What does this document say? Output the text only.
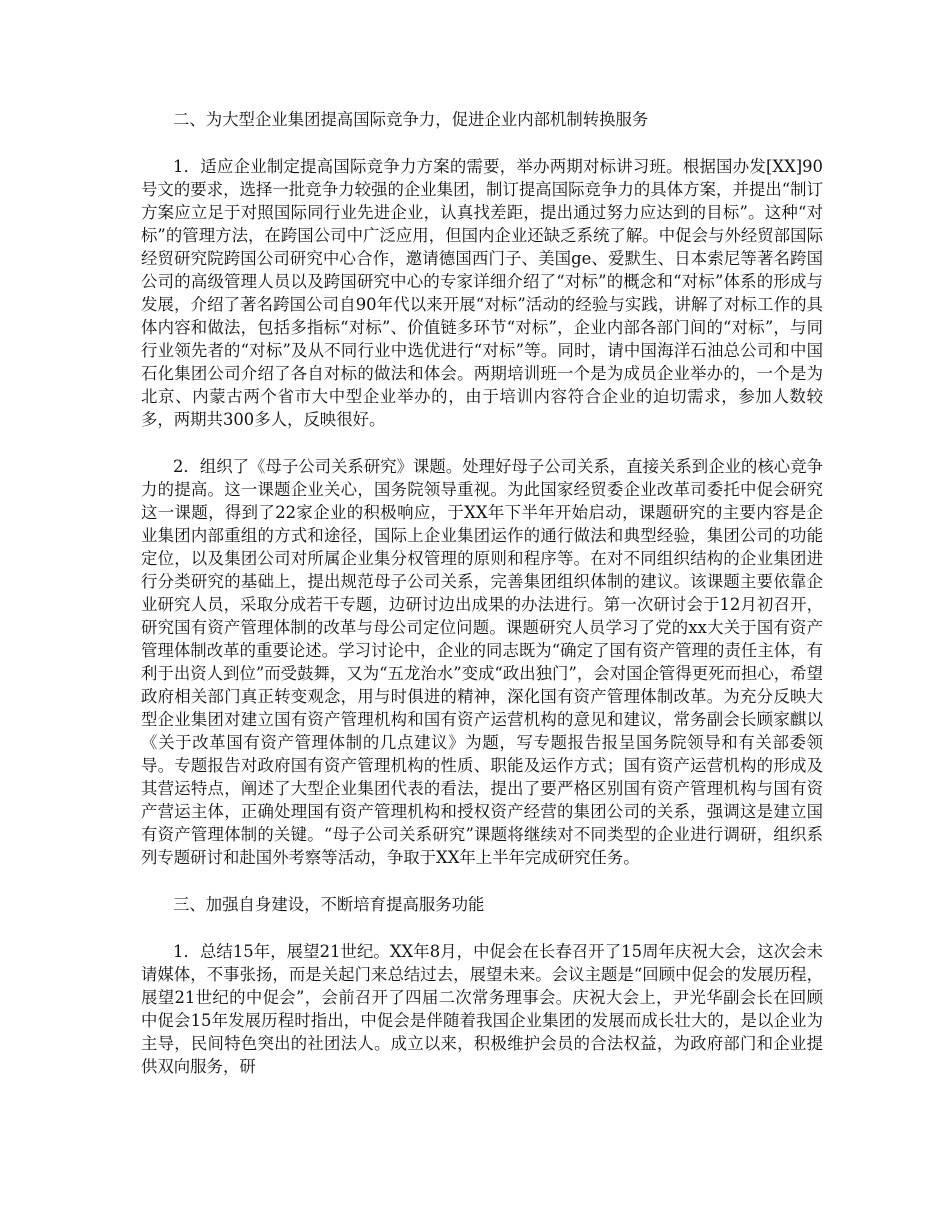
二、为大型企业集团提高国际竞争力，促进企业内部机制转换服务

1．适应企业制定提高国际竞争力方案的需要，举办两期对标讲习班。根据国办发[XX]90号文的要求，选择一批竞争力较强的企业集团，制订提高国际竞争力的具体方案，并提出“制订方案应立足于对照国际同行业先进企业，认真找差距，提出通过努力应达到的目标”。这种“对标”的管理方法，在跨国公司中广泛应用，但国内企业还缺乏系统了解。中促会与外经贸部国际经贸研究院跨国公司研究中心合作，邀请德国西门子、美国ge、爱默生、日本索尼等著名跨国公司的高级管理人员以及跨国研究中心的专家详细介绍了“对标”的概念和“对标”体系的形成与发展，介绍了著名跨国公司自90年代以来开展“对标”活动的经验与实践，讲解了对标工作的具体内容和做法，包括多指标“对标”、价值链多环节“对标”，企业内部各部门间的“对标”，与同行业领先者的“对标”及从不同行业中选优进行“对标”等。同时，请中国海洋石油总公司和中国石化集团公司介绍了各自对标的做法和体会。两期培训班一个是为成员企业举办的，一个是为北京、内蒙古两个省市大中型企业举办的，由于培训内容符合企业的迫切需求，参加人数较多，两期共300多人，反映很好。

2．组织了《母子公司关系研究》课题。处理好母子公司关系，直接关系到企业的核心竞争力的提高。这一课题企业关心，国务院领导重视。为此国家经贸委企业改革司委托中促会研究这一课题，得到了22家企业的积极响应，于XX年下半年开始启动，课题研究的主要内容是企业集团内部重组的方式和途径，国际上企业集团运作的通行做法和典型经验，集团公司的功能定位，以及集团公司对所属企业集分权管理的原则和程序等。在对不同组织结构的企业集团进行分类研究的基础上，提出规范母子公司关系，完善集团组织体制的建议。该课题主要依靠企业研究人员，采取分成若干专题，边研讨边出成果的办法进行。第一次研讨会于12月初召开，研究国有资产管理体制的改革与母公司定位问题。课题研究人员学习了党的xx大关于国有资产管理体制改革的重要论述。学习讨论中，企业的同志既为“确定了国有资产管理的责任主体，有利于出资人到位”而受鼓舞，又为“五龙治水”变成“政出独门”，会对国企管得更死而担心，希望政府相关部门真正转变观念，用与时俱进的精神，深化国有资产管理体制改革。为充分反映大型企业集团对建立国有资产管理机构和国有资产运营机构的意见和建议，常务副会长顾家麒以《关于改革国有资产管理体制的几点建议》为题，写专题报告报呈国务院领导和有关部委领导。专题报告对政府国有资产管理机构的性质、职能及运作方式；国有资产运营机构的形成及其营运特点，阐述了大型企业集团代表的看法，提出了要严格区别国有资产管理机构与国有资产营运主体，正确处理国有资产管理机构和授权资产经营的集团公司的关系，强调这是建立国有资产管理体制的关键。“母子公司关系研究”课题将继续对不同类型的企业进行调研，组织系列专题研讨和赴国外考察等活动，争取于XX年上半年完成研究任务。

三、加强自身建设，不断培育提高服务功能

1．总结15年，展望21世纪。XX年8月，中促会在长春召开了15周年庆祝大会，这次会未请媒体，不事张扬，而是关起门来总结过去，展望未来。会议主题是“回顾中促会的发展历程，展望21世纪的中促会”，会前召开了四届二次常务理事会。庆祝大会上，尹光华副会长在回顾中促会15年发展历程时指出，中促会是伴随着我国企业集团的发展而成长壮大的，是以企业为主导，民间特色突出的社团法人。成立以来，积极维护会员的合法权益，为政府部门和企业提供双向服务，研
